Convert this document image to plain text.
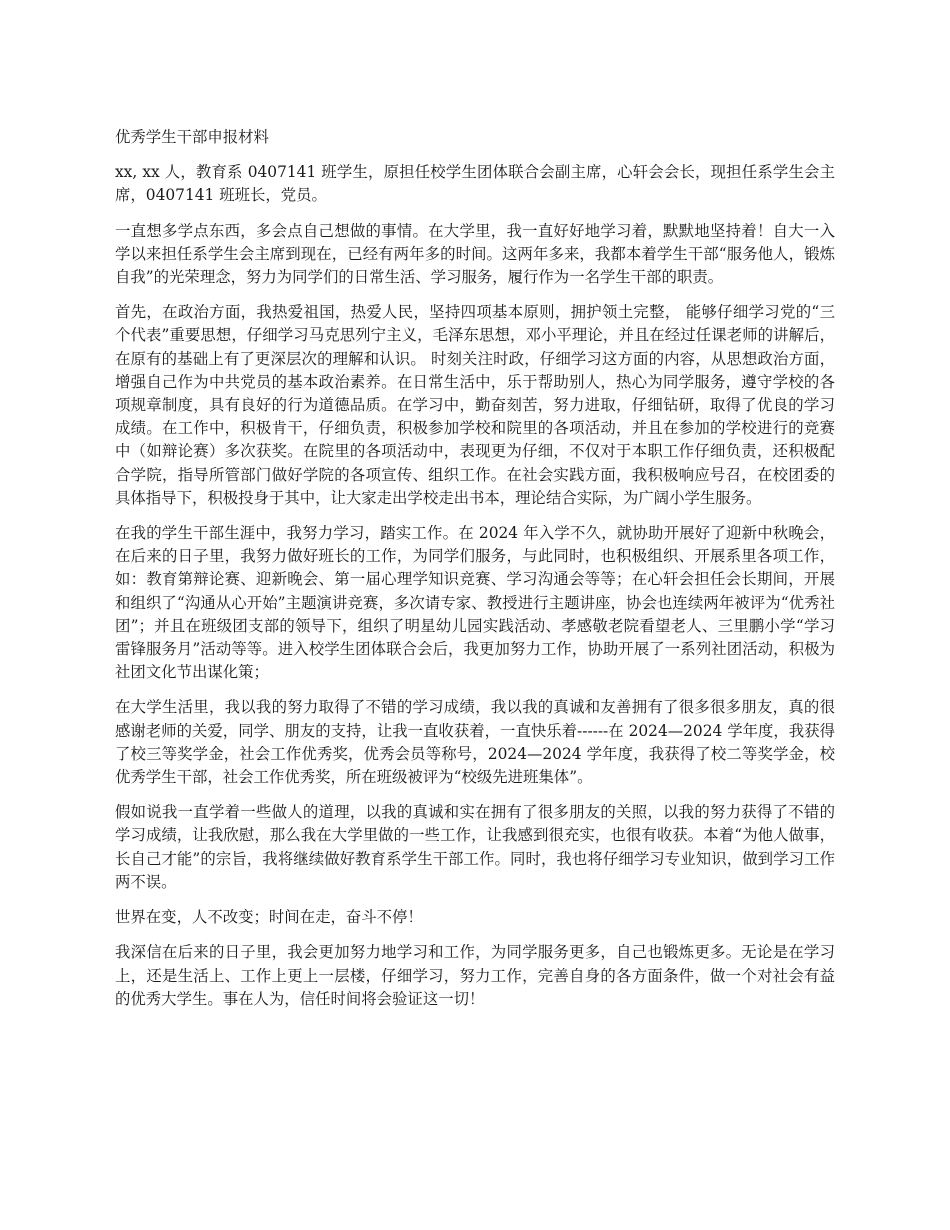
优秀学生干部申报材料

xx, xx 人，教育系 0407141 班学生，原担任校学生团体联合会副主席，心轩会会长，现担任系学生会主席，0407141 班班长，党员。

一直想多学点东西，多会点自己想做的事情。在大学里，我一直好好地学习着，默默地坚持着！自大一入学以来担任系学生会主席到现在，已经有两年多的时间。这两年多来，我都本着学生干部“服务他人，锻炼自我”的光荣理念，努力为同学们的日常生活、学习服务，履行作为一名学生干部的职责。

首先，在政治方面，我热爱祖国，热爱人民，坚持四项基本原则，拥护领土完整， 能够仔细学习党的“三个代表”重要思想，仔细学习马克思列宁主义，毛泽东思想，邓小平理论，并且在经过任课老师的讲解后，在原有的基础上有了更深层次的理解和认识。 时刻关注时政，仔细学习这方面的内容，从思想政治方面，增强自己作为中共党员的基本政治素养。在日常生活中，乐于帮助别人，热心为同学服务，遵守学校的各项规章制度，具有良好的行为道德品质。在学习中，勤奋刻苦，努力进取，仔细钻研，取得了优良的学习成绩。在工作中，积极肯干，仔细负责，积极参加学校和院里的各项活动，并且在参加的学校进行的竞赛中（如辩论赛）多次获奖。在院里的各项活动中，表现更为仔细，不仅对于本职工作仔细负责，还积极配合学院，指导所管部门做好学院的各项宣传、组织工作。在社会实践方面，我积极响应号召，在校团委的具体指导下，积极投身于其中，让大家走出学校走出书本，理论结合实际，为广阔小学生服务。

在我的学生干部生涯中，我努力学习，踏实工作。在 2024 年入学不久，就协助开展好了迎新中秋晚会，在后来的日子里，我努力做好班长的工作，为同学们服务，与此同时，也积极组织、开展系里各项工作，如：教育第辩论赛、迎新晚会、第一届心理学知识竞赛、学习沟通会等等；在心轩会担任会长期间，开展和组织了“沟通从心开始”主题演讲竞赛，多次请专家、教授进行主题讲座，协会也连续两年被评为“优秀社团”；并且在班级团支部的领导下，组织了明星幼儿园实践活动、孝感敬老院看望老人、三里鹏小学“学习雷锋服务月”活动等等。进入校学生团体联合会后，我更加努力工作，协助开展了一系列社团活动，积极为社团文化节出谋化策；

在大学生活里，我以我的努力取得了不错的学习成绩，我以我的真诚和友善拥有了很多很多朋友，真的很感谢老师的关爱，同学、朋友的支持，让我一直收获着，一直快乐着------在 2024—2024 学年度，我获得了校三等奖学金，社会工作优秀奖，优秀会员等称号，2024—2024 学年度，我获得了校二等奖学金，校优秀学生干部，社会工作优秀奖，所在班级被评为“校级先进班集体”。

假如说我一直学着一些做人的道理，以我的真诚和实在拥有了很多朋友的关照，以我的努力获得了不错的学习成绩，让我欣慰，那么我在大学里做的一些工作，让我感到很充实，也很有收获。本着“为他人做事，长自己才能”的宗旨，我将继续做好教育系学生干部工作。同时，我也将仔细学习专业知识，做到学习工作两不误。

世界在变，人不改变；时间在走，奋斗不停！

我深信在后来的日子里，我会更加努力地学习和工作，为同学服务更多，自己也锻炼更多。无论是在学习上，还是生活上、工作上更上一层楼，仔细学习，努力工作，完善自身的各方面条件，做一个对社会有益的优秀大学生。事在人为，信任时间将会验证这一切！
